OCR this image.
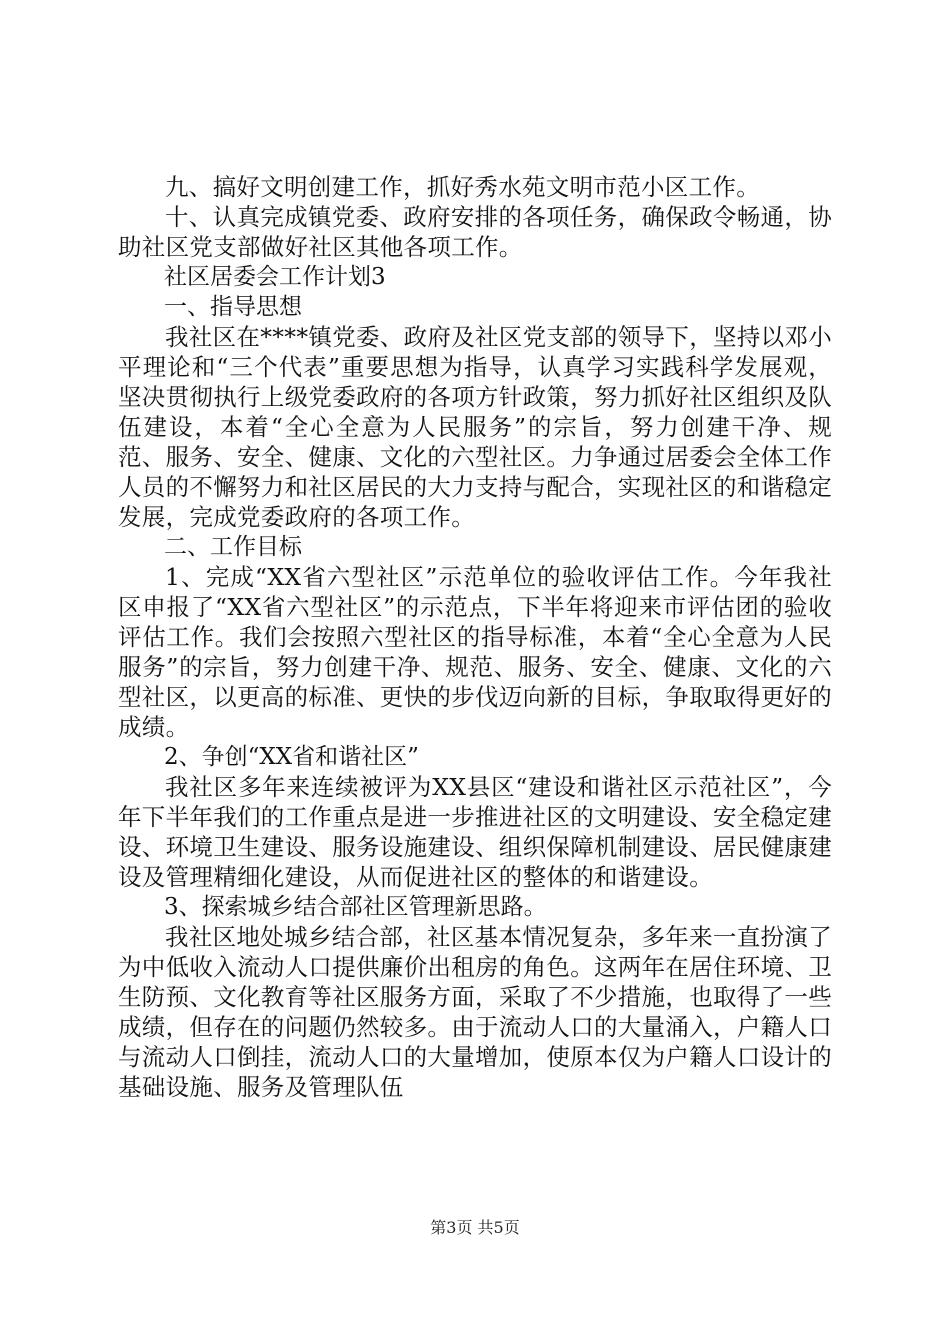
九、搞好文明创建工作，抓好秀水苑文明市范小区工作。

十、认真完成镇党委、政府安排的各项任务，确保政令畅通，协助社区党支部做好社区其他各项工作。

社区居委会工作计划3

一、指导思想

我社区在****镇党委、政府及社区党支部的领导下，坚持以邓小平理论和“三个代表”重要思想为指导，认真学习实践科学发展观，坚决贯彻执行上级党委政府的各项方针政策，努力抓好社区组织及队伍建设，本着“全心全意为人民服务”的宗旨，努力创建干净、规范、服务、安全、健康、文化的六型社区。力争通过居委会全体工作人员的不懈努力和社区居民的大力支持与配合，实现社区的和谐稳定发展，完成党委政府的各项工作。

二、工作目标

1、完成“XX省六型社区”示范单位的验收评估工作。今年我社区申报了“XX省六型社区”的示范点，下半年将迎来市评估团的验收评估工作。我们会按照六型社区的指导标准，本着“全心全意为人民服务”的宗旨，努力创建干净、规范、服务、安全、健康、文化的六型社区，以更高的标准、更快的步伐迈向新的目标，争取取得更好的成绩。

2、争创“XX省和谐社区”

我社区多年来连续被评为XX县区“建设和谐社区示范社区”，今年下半年我们的工作重点是进一步推进社区的文明建设、安全稳定建设、环境卫生建设、服务设施建设、组织保障机制建设、居民健康建设及管理精细化建设，从而促进社区的整体的和谐建设。

3、探索城乡结合部社区管理新思路。

我社区地处城乡结合部，社区基本情况复杂，多年来一直扮演了为中低收入流动人口提供廉价出租房的角色。这两年在居住环境、卫生防预、文化教育等社区服务方面，采取了不少措施，也取得了一些成绩，但存在的问题仍然较多。由于流动人口的大量涌入，户籍人口与流动人口倒挂，流动人口的大量增加，使原本仅为户籍人口设计的基础设施、服务及管理队伍

第3页 共5页
